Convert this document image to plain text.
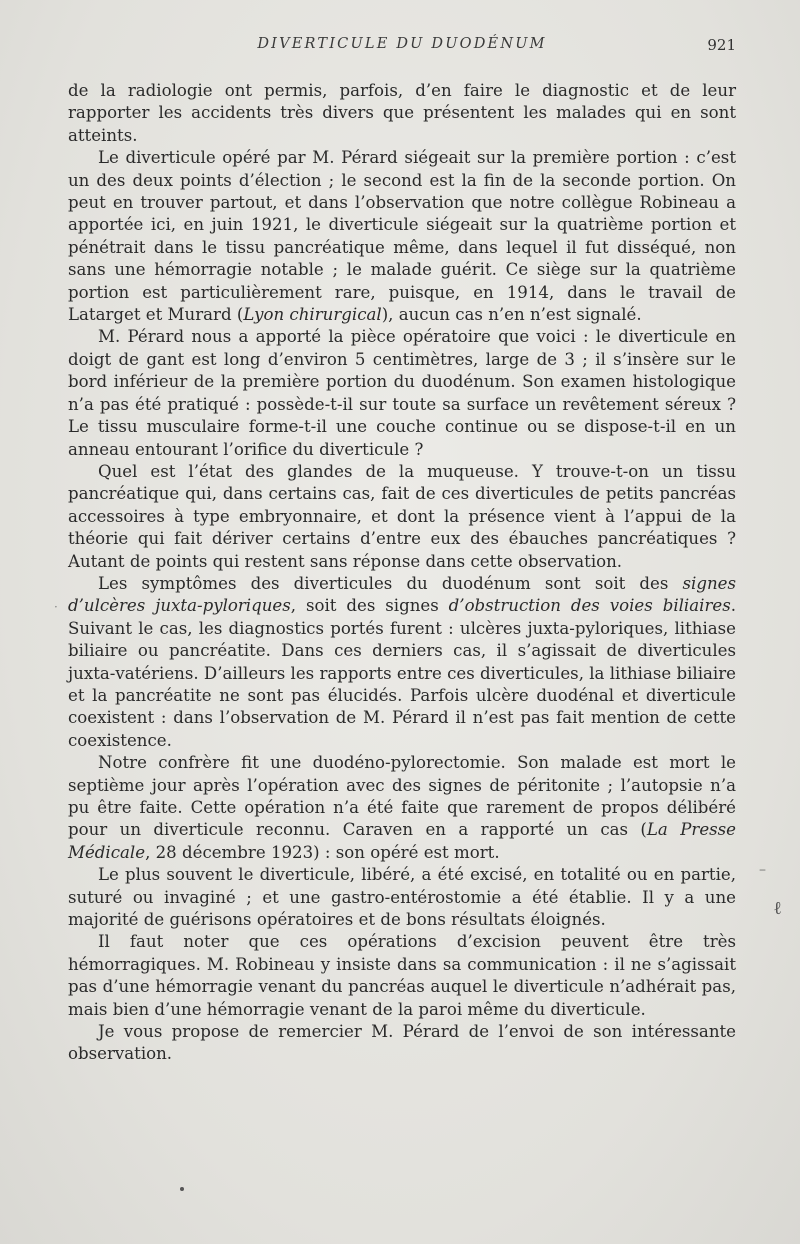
DIVERTICULE DU DUODÉNUM	921

de la radiologie ont permis, parfois, d’en faire le diagnostic et de leur rapporter les accidents très divers que présentent les malades qui en sont atteints.

Le diverticule opéré par M. Pérard siégeait sur la première portion : c’est un des deux points d’élection ; le second est la fin de la seconde portion. On peut en trouver partout, et dans l’observation que notre collègue Robineau a apportée ici, en juin 1921, le diverticule siégeait sur la quatrième portion et pénétrait dans le tissu pancréatique même, dans lequel il fut disséqué, non sans une hémorragie notable ; le malade guérit. Ce siège sur la quatrième portion est particulièrement rare, puisque, en 1914, dans le travail de Latarget et Murard (Lyon chirurgical), aucun cas n’en n’est signalé.

M. Pérard nous a apporté la pièce opératoire que voici : le diverticule en doigt de gant est long d’environ 5 centimètres, large de 3 ; il s’insère sur le bord inférieur de la première portion du duodénum. Son examen histologique n’a pas été pratiqué : possède-t-il sur toute sa surface un revêtement séreux ? Le tissu musculaire forme-t-il une couche continue ou se dispose-t-il en un anneau entourant l’orifice du diverticule ?

Quel est l’état des glandes de la muqueuse. Y trouve-t-on un tissu pancréatique qui, dans certains cas, fait de ces diverticules de petits pancréas accessoires à type embryonnaire, et dont la présence vient à l’appui de la théorie qui fait dériver certains d’entre eux des ébauches pancréatiques ? Autant de points qui restent sans réponse dans cette observation.

Les symptômes des diverticules du duodénum sont soit des signes d’ulcères juxta-pyloriques, soit des signes d’obstruction des voies biliaires. Suivant le cas, les diagnostics portés furent : ulcères juxta-pyloriques, lithiase biliaire ou pancréatite. Dans ces derniers cas, il s’agissait de diverticules juxta-vatériens. D’ailleurs les rapports entre ces diverticules, la lithiase biliaire et la pancréatite ne sont pas élucidés. Parfois ulcère duodénal et diverticule coexistent : dans l’observation de M. Pérard il n’est pas fait mention de cette coexistence.

Notre confrère fit une duodéno-pylorectomie. Son malade est mort le septième jour après l’opération avec des signes de péritonite ; l’autopsie n’a pu être faite. Cette opération n’a été faite que rarement de propos délibéré pour un diverticule reconnu. Caraven en a rapporté un cas (La Presse Médicale, 28 décembre 1923) : son opéré est mort.

Le plus souvent le diverticule, libéré, a été excisé, en totalité ou en partie, suturé ou invaginé ; et une gastro-entérostomie a été établie. Il y a une majorité de guérisons opératoires et de bons résultats éloignés.

Il faut noter que ces opérations d’excision peuvent être très hémorragiques. M. Robineau y insiste dans sa communication : il ne s’agissait pas d’une hémorragie venant du pancréas auquel le diverticule n’adhérait pas, mais bien d’une hémorragie venant de la paroi même du diverticule.

Je vous propose de remercier M. Pérard de l’envoi de son intéressante observation.

·
–
ℓ
